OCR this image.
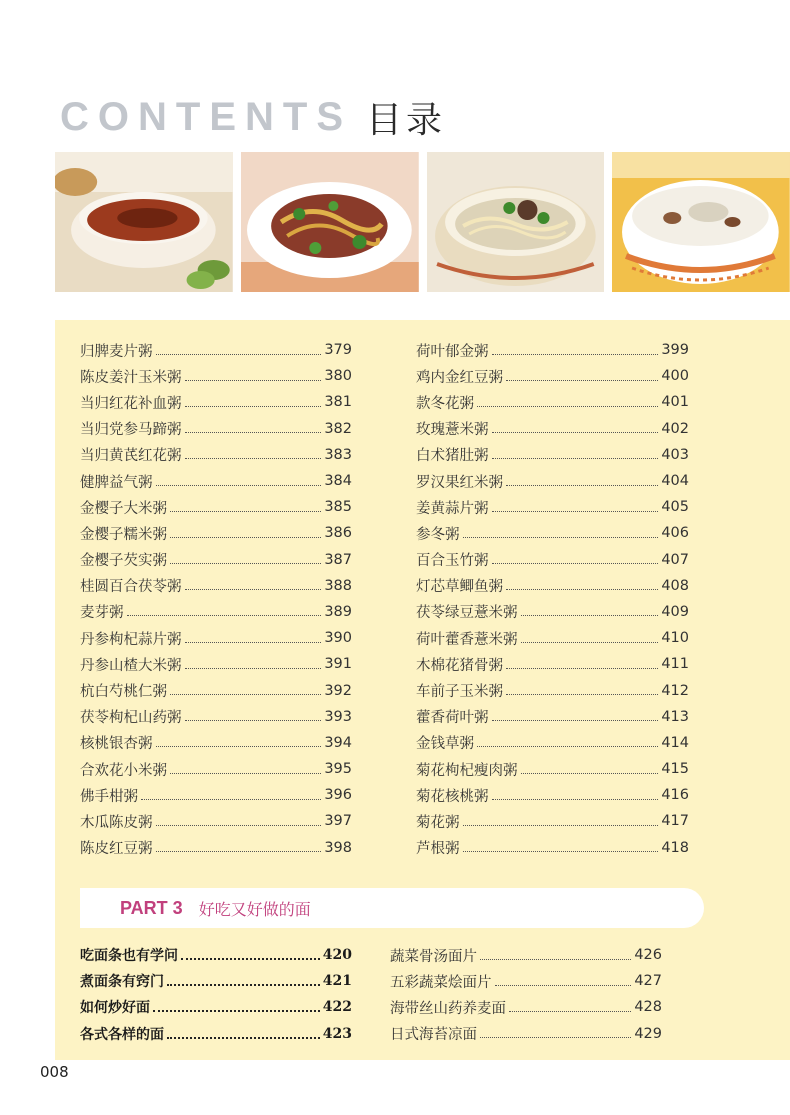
CONTENTS 目录
归脾麦片粥	379
陈皮姜汁玉米粥	380
当归红花补血粥	381
当归党参马蹄粥	382
当归黄芪红花粥	383
健脾益气粥	384
金樱子大米粥	385
金樱子糯米粥	386
金樱子芡实粥	387
桂圆百合茯苓粥	388
麦芽粥	389
丹参枸杞蒜片粥	390
丹参山楂大米粥	391
杭白芍桃仁粥	392
茯苓枸杞山药粥	393
核桃银杏粥	394
合欢花小米粥	395
佛手柑粥	396
木瓜陈皮粥	397
陈皮红豆粥	398
荷叶郁金粥	399
鸡内金红豆粥	400
款冬花粥	401
玫瑰薏米粥	402
白术猪肚粥	403
罗汉果红米粥	404
姜黄蒜片粥	405
参冬粥	406
百合玉竹粥	407
灯芯草鲫鱼粥	408
茯苓绿豆薏米粥	409
荷叶藿香薏米粥	410
木棉花猪骨粥	411
车前子玉米粥	412
藿香荷叶粥	413
金钱草粥	414
菊花枸杞瘦肉粥	415
菊花核桃粥	416
菊花粥	417
芦根粥	418
PART 3 好吃又好做的面
吃面条也有学问	420
煮面条有窍门	421
如何炒好面	422
各式各样的面	423
蔬菜骨汤面片	426
五彩蔬菜烩面片	427
海带丝山药养麦面	428
日式海苔凉面	429
008
